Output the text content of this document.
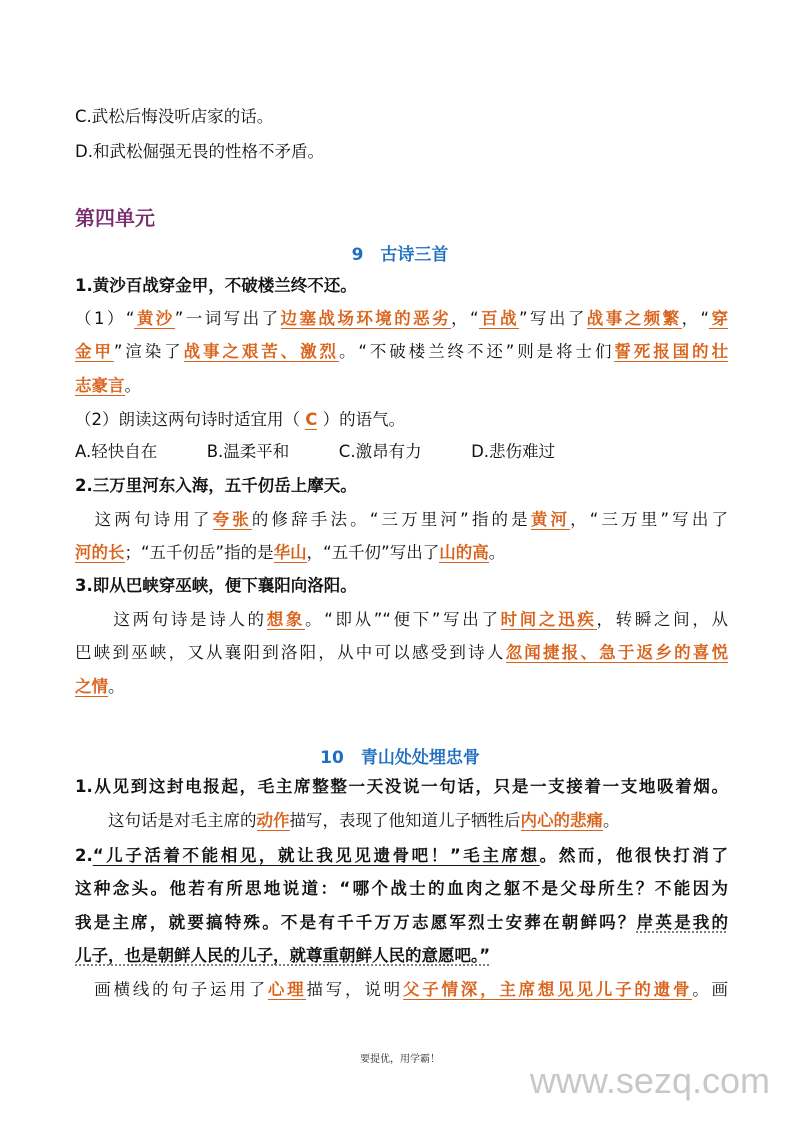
C.武松后悔没听店家的话。
D.和武松倔强无畏的性格不矛盾。
第四单元
9　古诗三首
1.黄沙百战穿金甲，不破楼兰终不还。
（1）“黄沙”一词写出了边塞战场环境的恶劣，“百战”写出了战事之频繁，“穿
金甲”渲染了战事之艰苦、激烈。“不破楼兰终不还”则是将士们誓死报国的壮
志豪言。
（2）朗读这两句诗时适宜用（ C ）的语气。
A.轻快自在　　　B.温柔平和　　　C.激昂有力　　　D.悲伤难过
2.三万里河东入海，五千仞岳上摩天。
　这两句诗用了夸张的修辞手法。“三万里河”指的是黄河，“三万里”写出了
河的长；“五千仞岳”指的是华山，“五千仞”写出了山的高。
3.即从巴峡穿巫峡，便下襄阳向洛阳。
　　这两句诗是诗人的想象。“即从”“便下”写出了时间之迅疾，转瞬之间，从
巴峡到巫峡，又从襄阳到洛阳，从中可以感受到诗人忽闻捷报、急于返乡的喜悦
之情。
10　青山处处埋忠骨
1.从见到这封电报起，毛主席整整一天没说一句话，只是一支接着一支地吸着烟。
　　这句话是对毛主席的动作描写，表现了他知道儿子牺牲后内心的悲痛。
2.“儿子活着不能相见，就让我见见遗骨吧！”毛主席想。然而，他很快打消了
这种念头。他若有所思地说道：“哪个战士的血肉之躯不是父母所生？不能因为
我是主席，就要搞特殊。不是有千千万万志愿军烈士安葬在朝鲜吗？岸英是我的
儿子，也是朝鲜人民的儿子，就尊重朝鲜人民的意愿吧。”
　画横线的句子运用了心理描写，说明父子情深，主席想见见儿子的遗骨。画
要提优，用学霸！
www.sezq.com
